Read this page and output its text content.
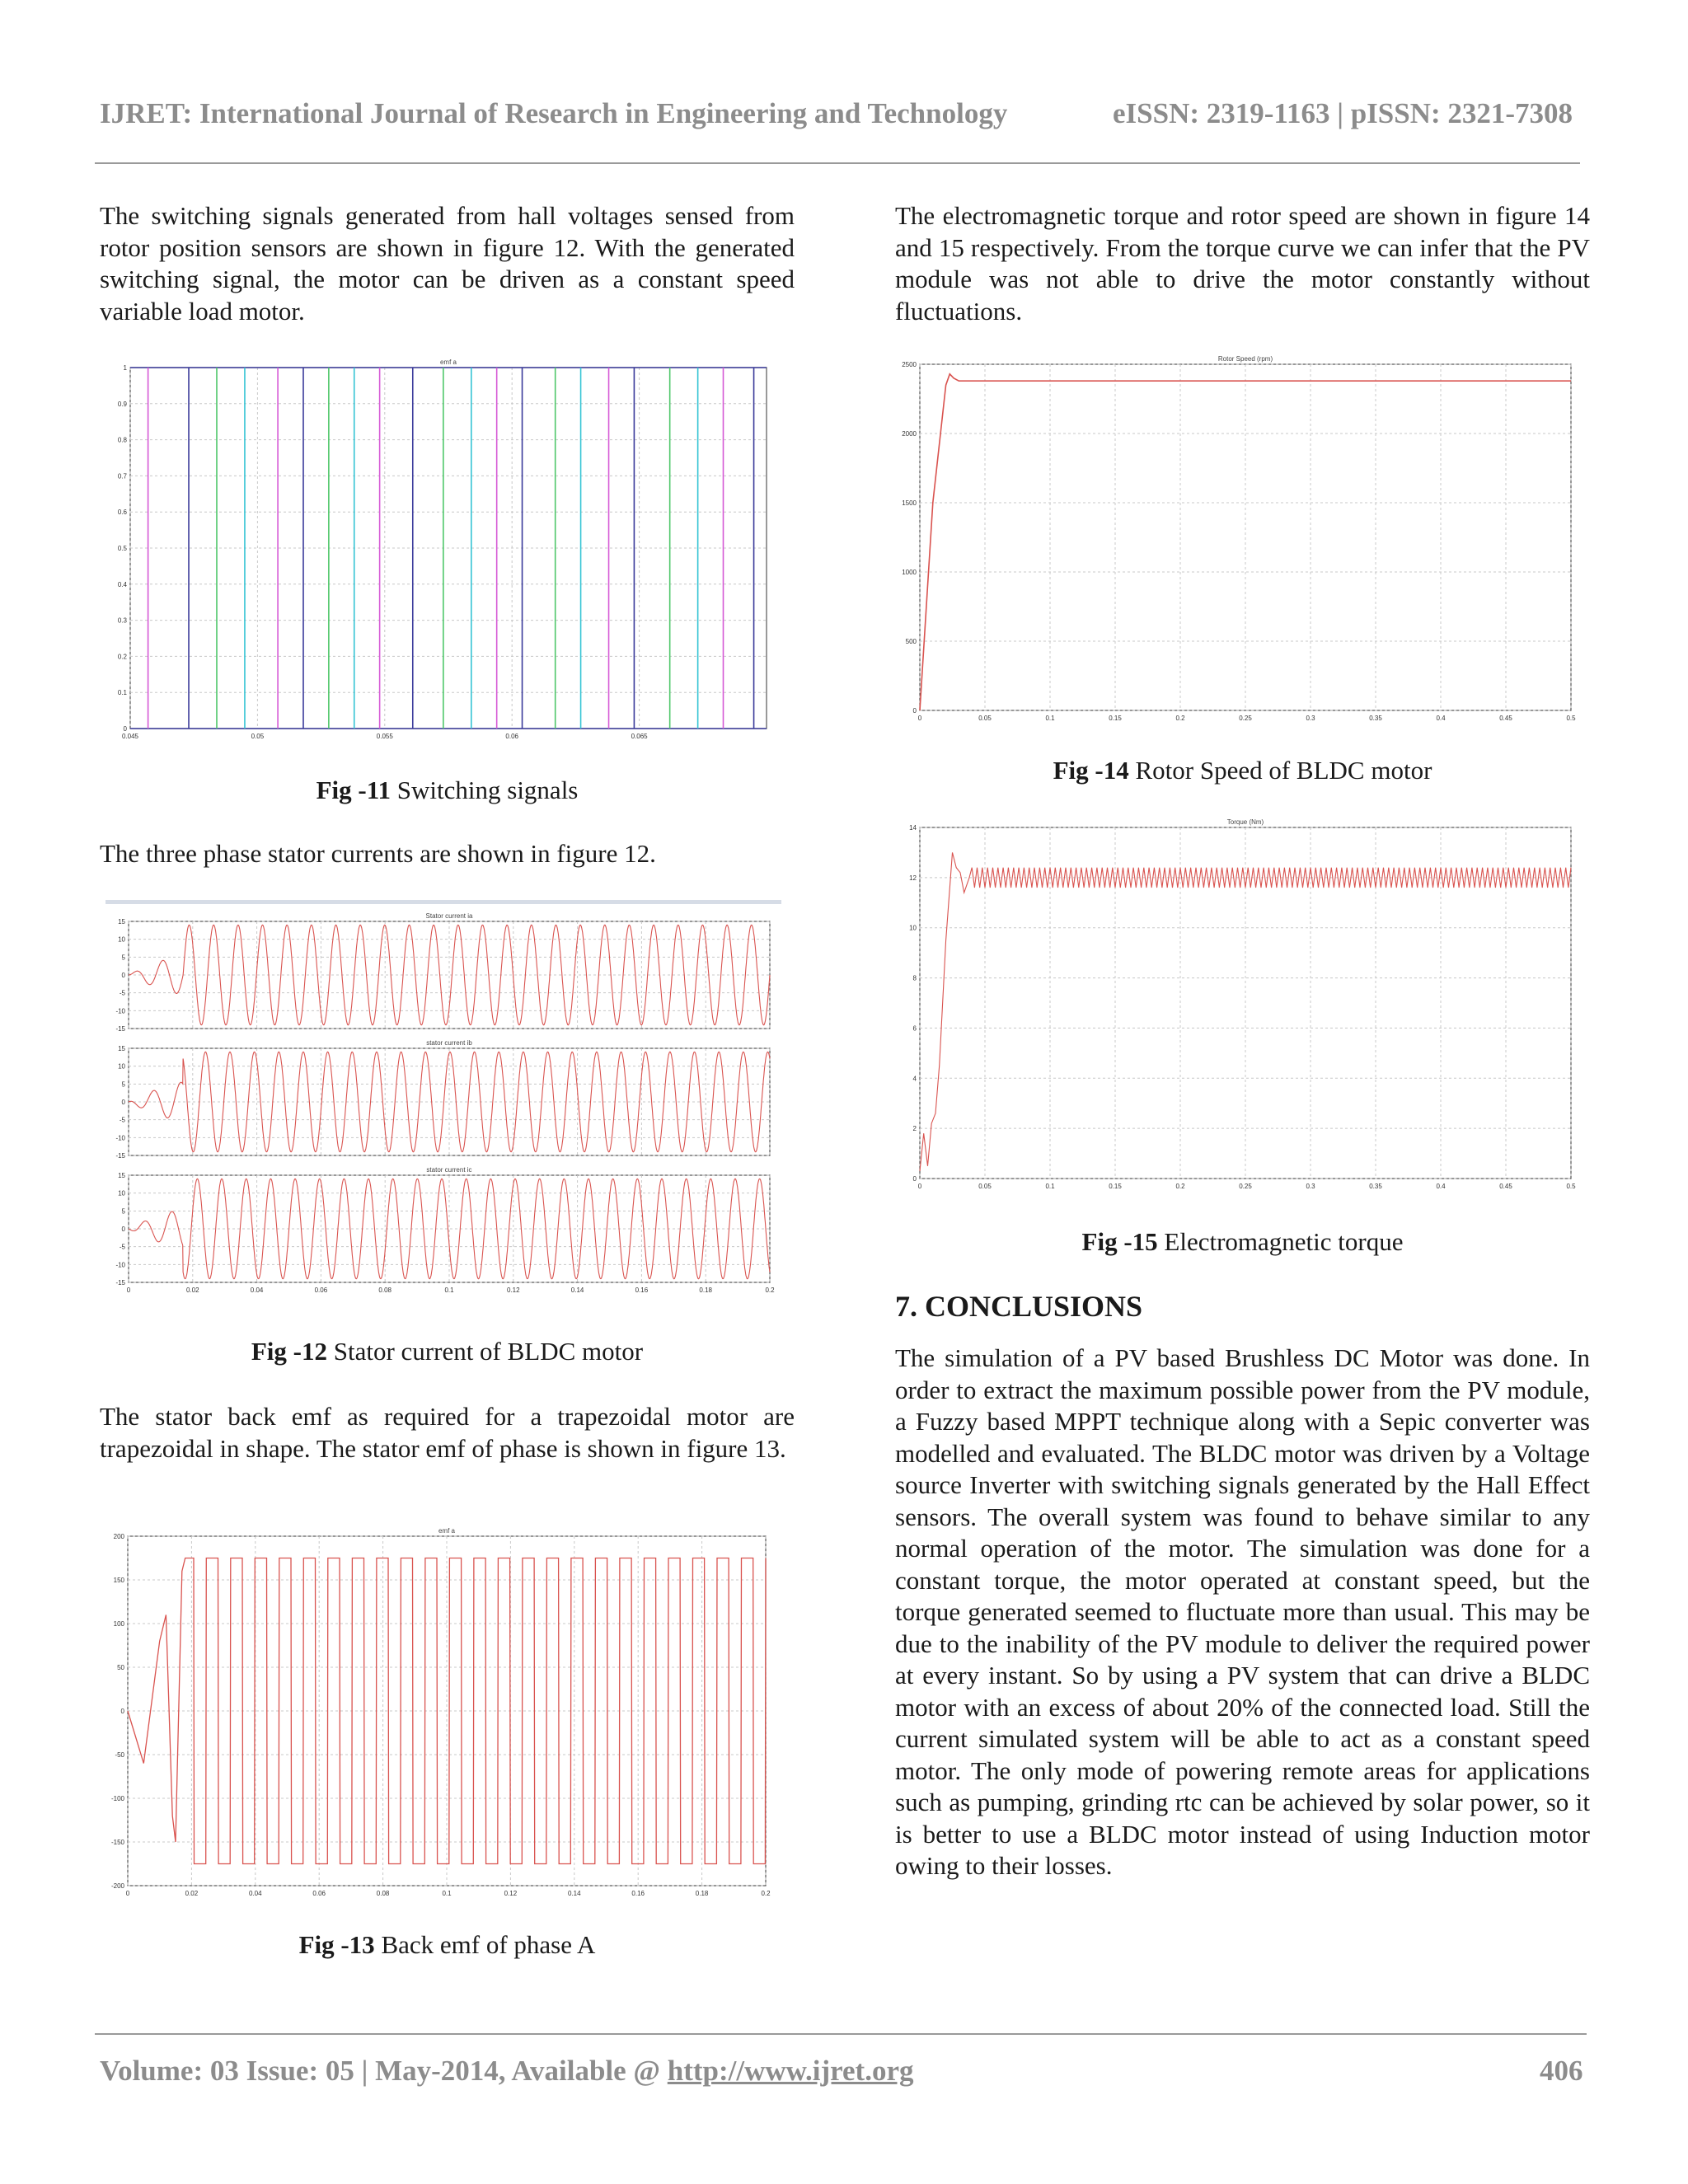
IJRET: International Journal of Research in Engineering and Technology	eISSN: 2319-1163 | pISSN: 2321-7308

The switching signals generated from hall voltages sensed from rotor position sensors are shown in figure 12. With the generated switching signal, the motor can be driven as a constant speed variable load motor.

0.045	0.05	0.055	0.06	0.065
0
0.1
0.2
0.3
0.4
0.5
0.6
0.7
0.8
0.9
1
emf a
Fig -11 Switching signals

The three phase stator currents are shown in figure 12.

-15
-10
-5
0
5
10
15
Stator current ia
-15
-10
-5
0
5
10
15
stator current ib
0	0.02	0.04	0.06	0.08	0.1	0.12	0.14	0.16	0.18	0.2
-15
-10
-5
0
5
10
15
stator current ic
Fig -12 Stator current of BLDC motor

The stator back emf as required for a trapezoidal motor are trapezoidal in shape. The stator emf of phase is shown in figure 13.

0	0.02	0.04	0.06	0.08	0.1	0.12	0.14	0.16	0.18	0.2
-200
-150
-100
-50
0
50
100
150
200
emf a
Fig -13 Back emf of phase A

The electromagnetic torque and rotor speed are shown in figure 14 and 15 respectively. From the torque curve we can infer that the PV module was not able to drive the motor constantly without fluctuations.

0	0.05	0.1	0.15	0.2	0.25	0.3	0.35	0.4	0.45	0.5
0
500
1000
1500
2000
2500
Rotor Speed (rpm)
Fig -14 Rotor Speed of BLDC motor
0	0.05	0.1	0.15	0.2	0.25	0.3	0.35	0.4	0.45	0.5
0
2
4
6
8
10
12
14
Torque (Nm)
Fig -15 Electromagnetic torque
7. CONCLUSIONS

The simulation of a PV based Brushless DC Motor was done. In order to extract the maximum possible power from the PV module, a Fuzzy based MPPT technique along with a Sepic converter was modelled and evaluated. The BLDC motor was driven by a Voltage source Inverter with switching signals generated by the Hall Effect sensors. The overall system was found to behave similar to any normal operation of the motor. The simulation was done for a constant torque, the motor operated at constant speed, but the torque generated seemed to fluctuate more than usual. This may be due to the inability of the PV module to deliver the required power at every instant. So by using a PV system that can drive a BLDC motor with an excess of about 20% of the connected load. Still the current simulated system will be able to act as a constant speed motor. The only mode of powering remote areas for applications such as pumping, grinding rtc can be achieved by solar power, so it is better to use a BLDC motor instead of using Induction motor owing to their losses.

Volume: 03 Issue: 05 | May-2014, Available @ http://www.ijret.org	406
